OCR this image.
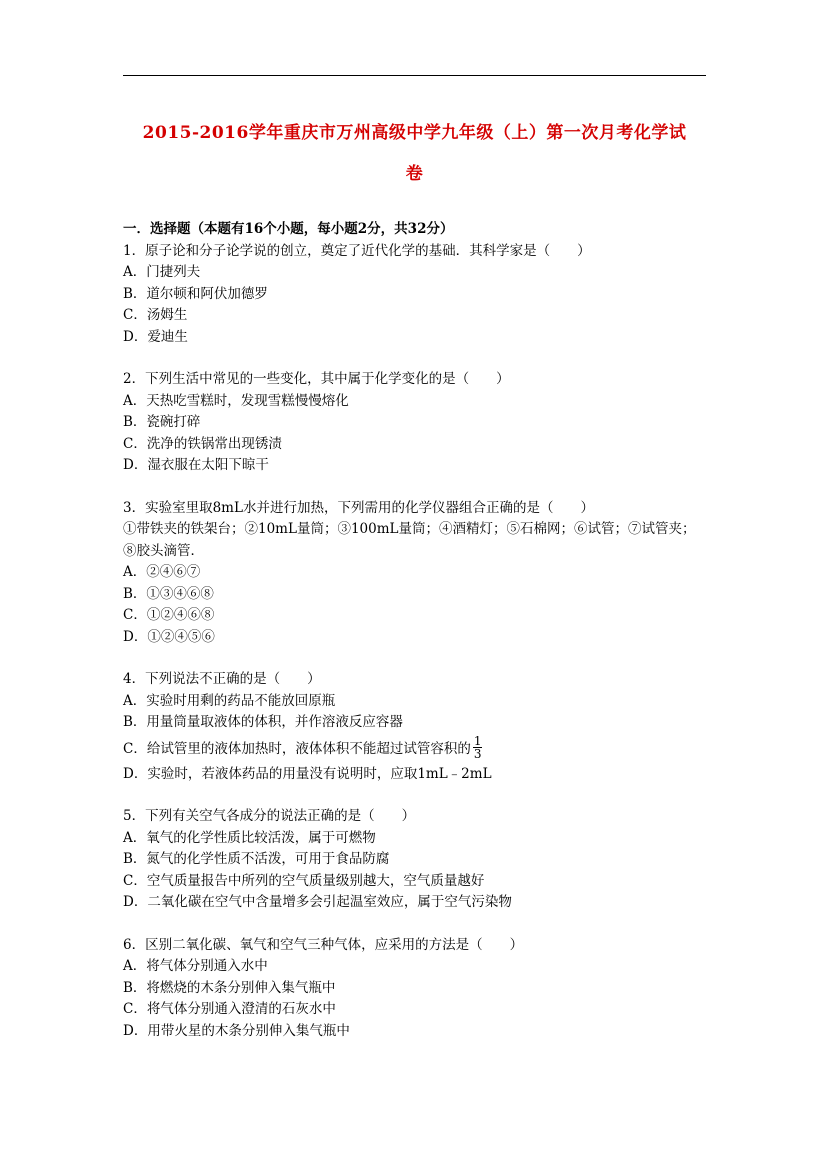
2015-2016学年重庆市万州高级中学九年级（上）第一次月考化学试
卷
一．选择题（本题有16个小题，每小题2分，共32分）
1．原子论和分子论学说的创立，奠定了近代化学的基础．其科学家是（　　）
A．门捷列夫
B．道尔顿和阿伏加德罗
C．汤姆生
D．爱迪生
2．下列生活中常见的一些变化，其中属于化学变化的是（　　）
A．天热吃雪糕时，发现雪糕慢慢熔化
B．瓷碗打碎
C．洗净的铁锅常出现锈渍
D．湿衣服在太阳下晾干
3．实验室里取8mL水并进行加热，下列需用的化学仪器组合正确的是（　　）
①带铁夹的铁架台；②10mL量筒；③100mL量筒；④酒精灯；⑤石棉网；⑥试管；⑦试管夹；
⑧胶头滴管．
A．②④⑥⑦
B．①③④⑥⑧
C．①②④⑥⑧
D．①②④⑤⑥
4．下列说法不正确的是（　　）
A．实验时用剩的药品不能放回原瓶
B．用量筒量取液体的体积，并作溶液反应容器
C．给试管里的液体加热时，液体体积不能超过试管容积的 $\frac{1}{3}$
D．实验时，若液体药品的用量没有说明时，应取1mL﹣2mL
5．下列有关空气各成分的说法正确的是（　　）
A．氧气的化学性质比较活泼，属于可燃物
B．氮气的化学性质不活泼，可用于食品防腐
C．空气质量报告中所列的空气质量级别越大，空气质量越好
D．二氧化碳在空气中含量增多会引起温室效应，属于空气污染物
6．区别二氧化碳、氧气和空气三种气体，应采用的方法是（　　）
A．将气体分别通入水中
B．将燃烧的木条分别伸入集气瓶中
C．将气体分别通入澄清的石灰水中
D．用带火星的木条分别伸入集气瓶中
